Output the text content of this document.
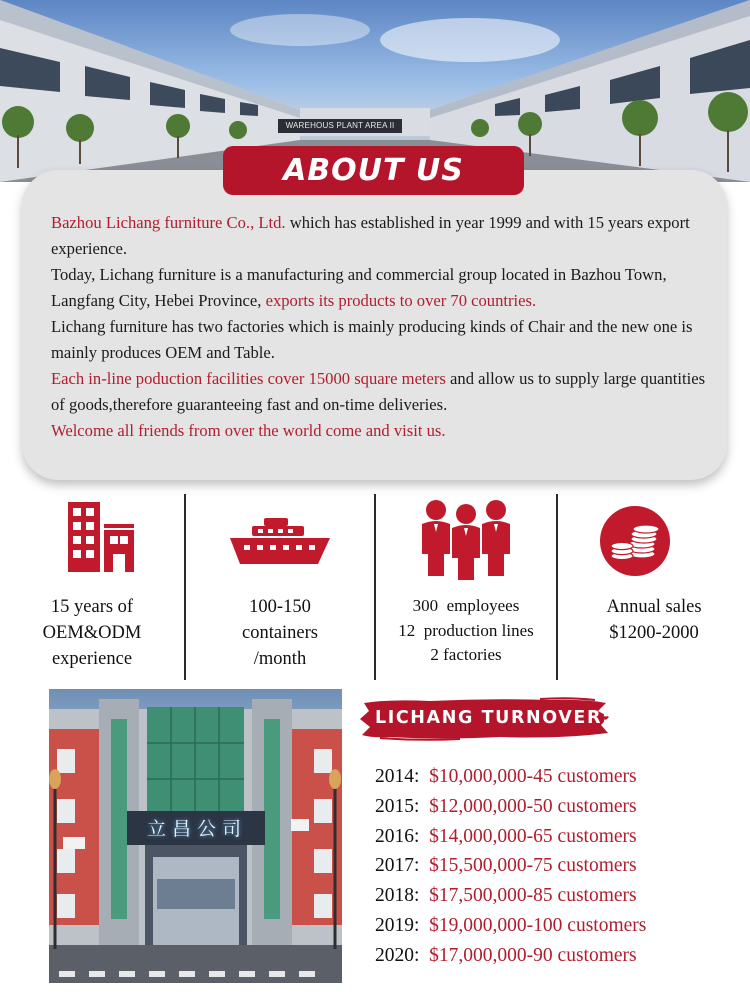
WAREHOUS PLANT AREA II
ABOUT US

Bazhou Lichang furniture Co., Ltd. which has established in year 1999 and with 15 years export experience.

Today, Lichang furniture is a manufacturing and commercial group located in Bazhou Town, Langfang City, Hebei Province, exports its products to over 70 countries.

Lichang furniture has two factories which is mainly producing kinds of Chair and the new one is mainly produces OEM and Table.

Each in-line poduction facilities cover 15000 square meters and allow us to supply large quantities of goods,therefore guaranteeing fast and on-time deliveries.

Welcome all friends from over the world come and visit us.

15 years of
OEM&ODM
experience
100-150
containers
/month
300  employees
12  production lines
2 factories
Annual sales
$1200-2000
立昌公司
LICHANG TURNOVER:
2014: $10,000,000-45 customers
2015: $12,000,000-50 customers
2016: $14,000,000-65 customers
2017: $15,500,000-75 customers
2018: $17,500,000-85 customers
2019: $19,000,000-100 customers
2020: $17,000,000-90 customers
